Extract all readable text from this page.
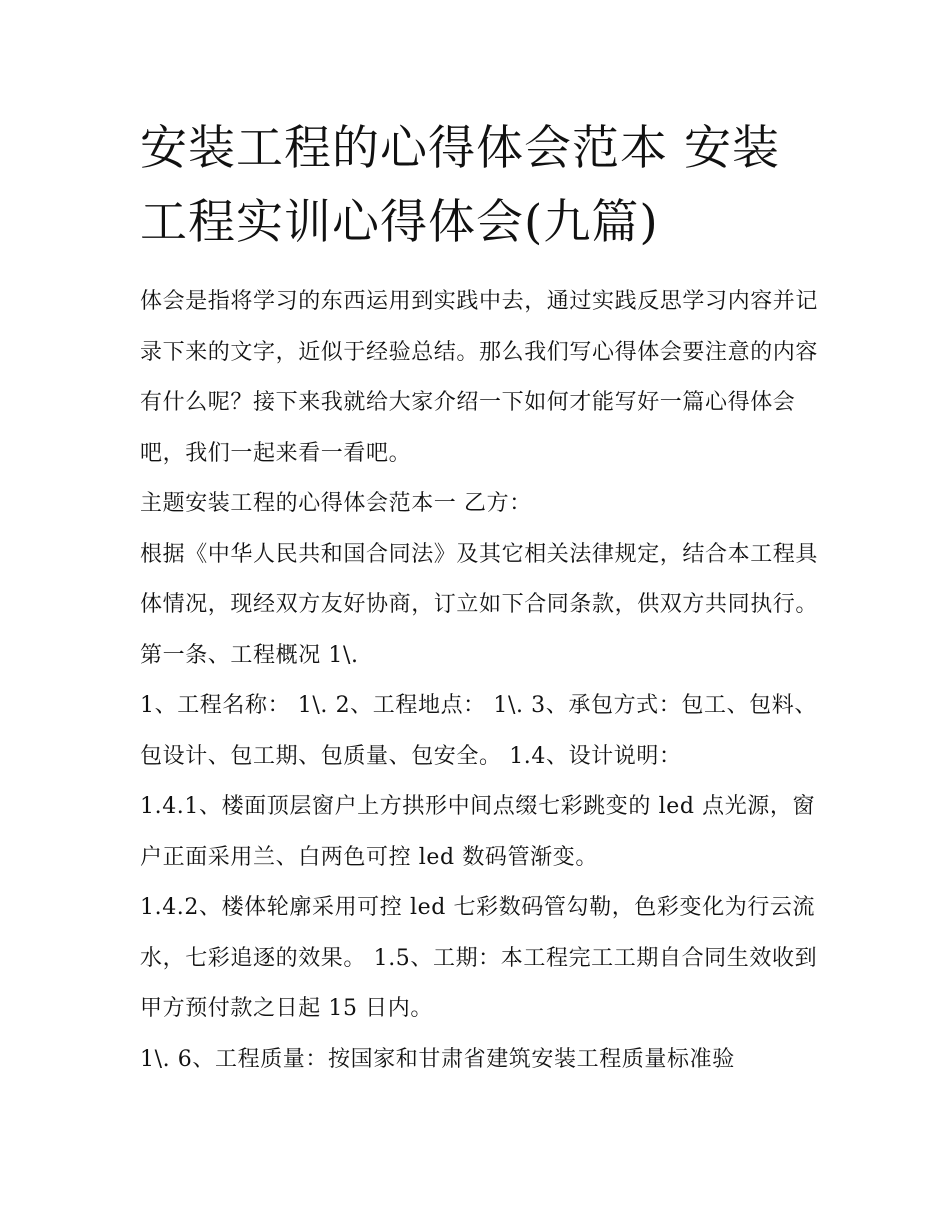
安装工程的心得体会范本 安装工程实训心得体会(九篇)

体会是指将学习的东西运用到实践中去，通过实践反思学习内容并记录下来的文字，近似于经验总结。那么我们写心得体会要注意的内容有什么呢？接下来我就给大家介绍一下如何才能写好一篇心得体会吧，我们一起来看一看吧。

主题安装工程的心得体会范本一 乙方：

根据《中华人民共和国合同法》及其它相关法律规定，结合本工程具体情况，现经双方友好协商，订立如下合同条款，供双方共同执行。 第一条、工程概况 1\.

1、工程名称： 1\. 2、工程地点： 1\. 3、承包方式：包工、包料、包设计、包工期、包质量、包安全。 1.4、设计说明：

1.4.1、楼面顶层窗户上方拱形中间点缀七彩跳变的 led 点光源，窗户正面采用兰、白两色可控 led 数码管渐变。

1.4.2、楼体轮廓采用可控 led 七彩数码管勾勒，色彩变化为行云流水，七彩追逐的效果。 1.5、工期：本工程完工工期自合同生效收到甲方预付款之日起 15 日内。

1\. 6、工程质量：按国家和甘肃省建筑安装工程质量标准验
